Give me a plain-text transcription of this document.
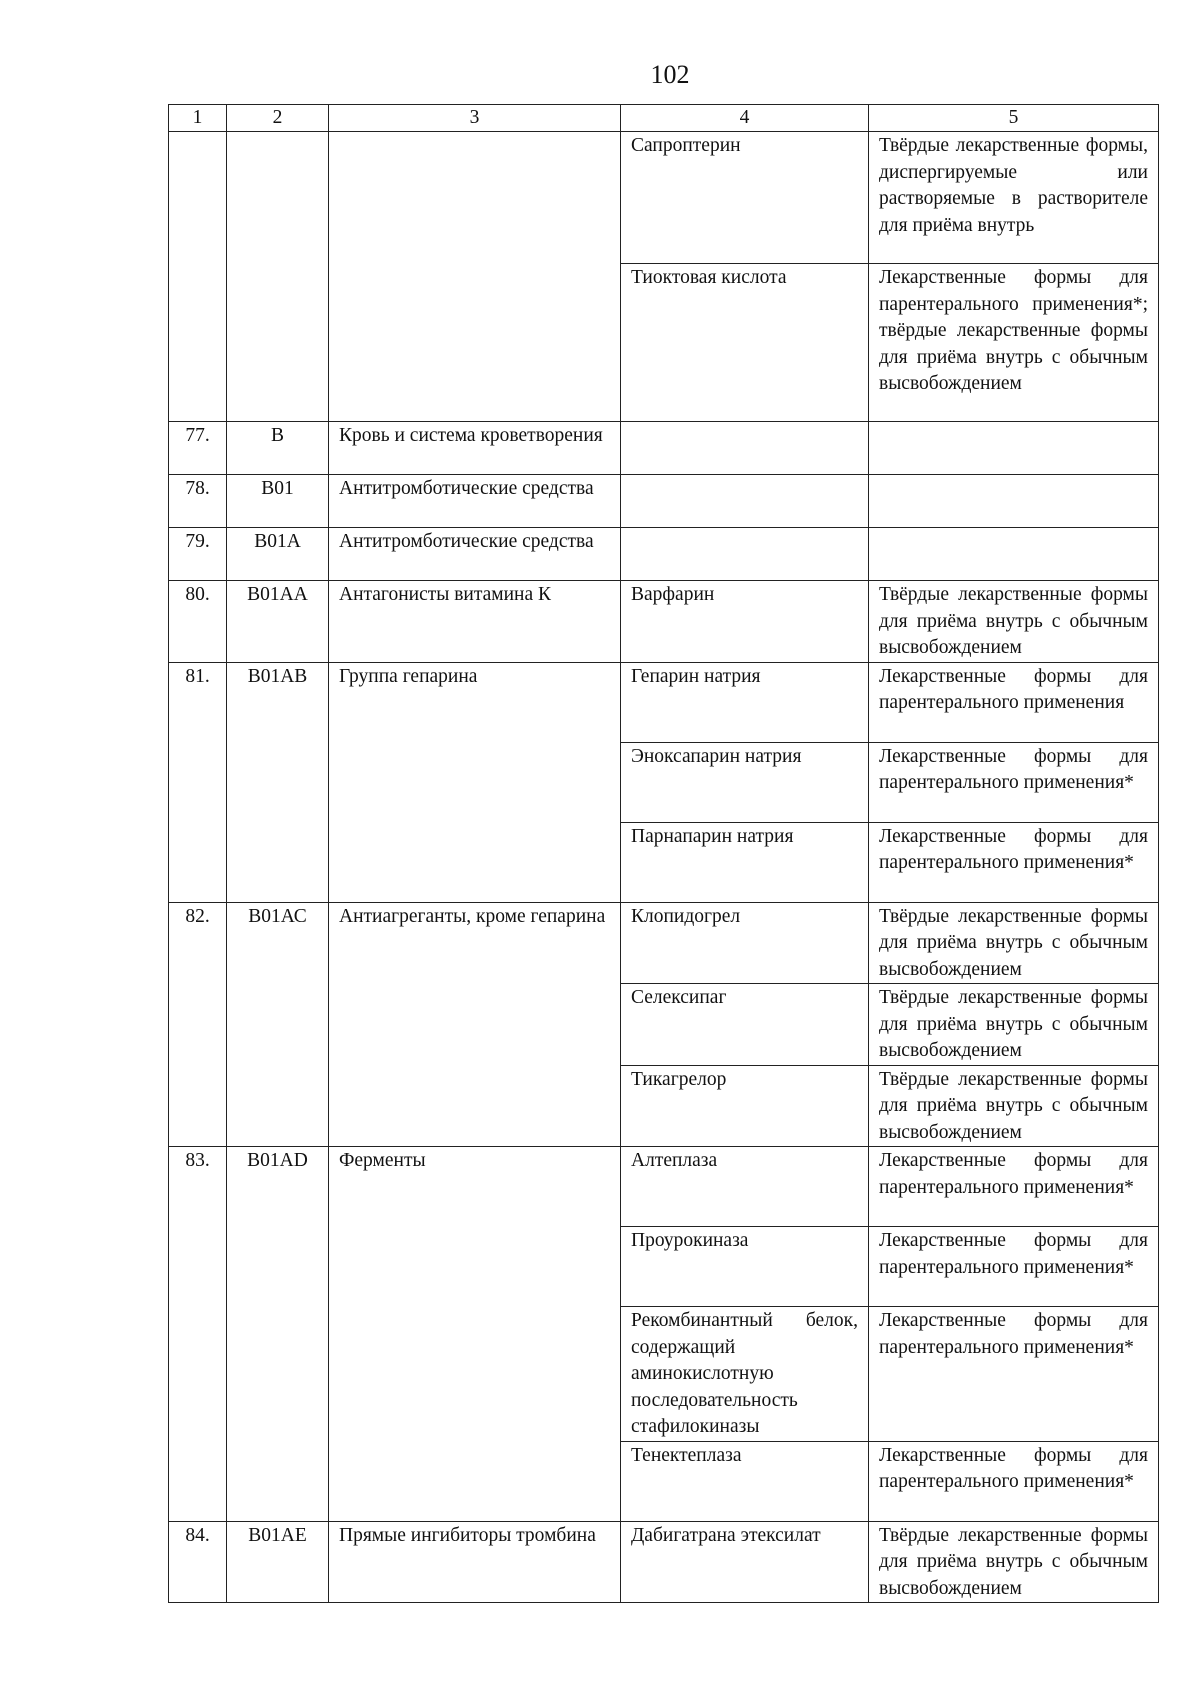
102
1	2	3	4	5
			Сапроптерин	Твёрдые лекарственные формы, диспергируемые или растворяемые в растворителе для приёма внутрь
			Тиоктовая кислота	Лекарственные формы для парентерального применения*; твёрдые лекарственные формы для приёма внутрь с обычным высвобождением
77.	В	Кровь и система кроветворения		
78.	В01	Антитромботические средства		
79.	В01А	Антитромботические средства		
80.	В01АА	Антагонисты витамина К	Варфарин	Твёрдые лекарственные формы для приёма внутрь с обычным высвобождением
81.	В01АВ	Группа гепарина	Гепарин натрия	Лекарственные формы для парентерального применения
			Эноксапарин натрия	Лекарственные формы для парентерального применения*
			Парнапарин натрия	Лекарственные формы для парентерального применения*
82.	В01АС	Антиагреганты, кроме гепарина	Клопидогрел	Твёрдые лекарственные формы для приёма внутрь с обычным высвобождением
			Селексипаг	Твёрдые лекарственные формы для приёма внутрь с обычным высвобождением
			Тикагрелор	Твёрдые лекарственные формы для приёма внутрь с обычным высвобождением
83.	В01АD	Ферменты	Алтеплаза	Лекарственные формы для парентерального применения*
			Проурокиназа	Лекарственные формы для парентерального применения*
			Рекомбинантный белок, содержащий аминокислотную последовательность стафилокиназы	Лекарственные формы для парентерального применения*
			Тенектеплаза	Лекарственные формы для парентерального применения*
84.	В01АЕ	Прямые ингибиторы тромбина	Дабигатрана этексилат	Твёрдые лекарственные формы для приёма внутрь с обычным высвобождением
